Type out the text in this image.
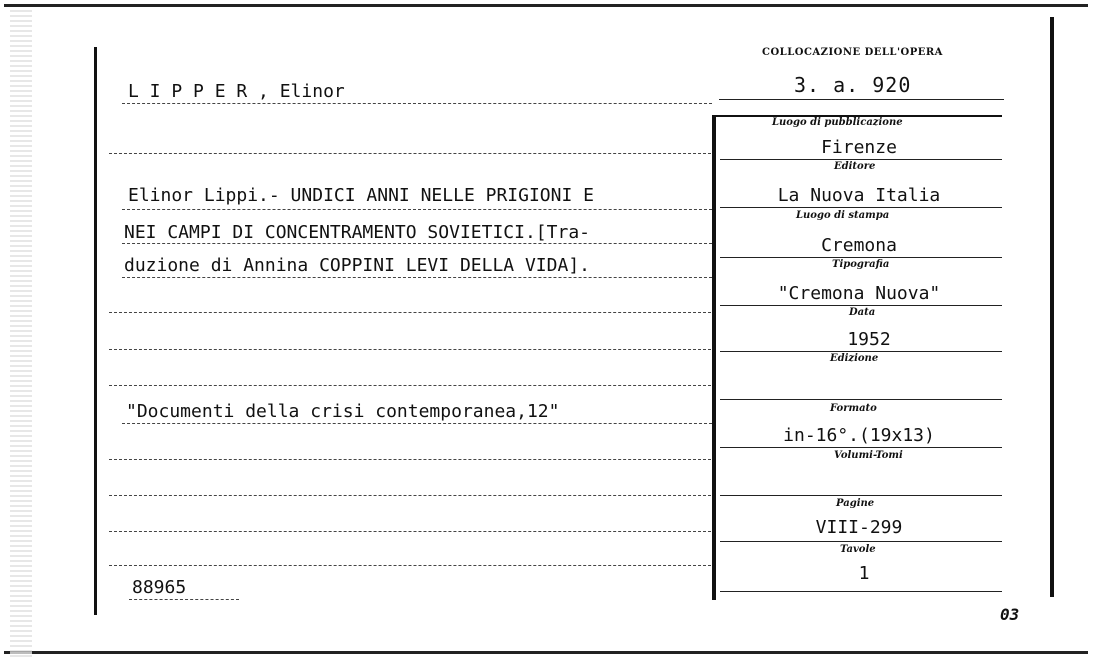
COLLOCAZIONE DELL'OPERA
3. a. 920
L I P P E R , Elinor
Elinor Lippi.- UNDICI ANNI NELLE PRIGIONI E
NEI CAMPI DI CONCENTRAMENTO SOVIETICI.[Tra-
duzione di Annina COPPINI LEVI DELLA VIDA].
"Documenti della crisi contemporanea,12"
88965
Luogo di pubblicazione
Firenze
Editore
La Nuova Italia
Luogo di stampa
Cremona
Tipografia
"Cremona Nuova"
Data
1952
Edizione
Formato
in-16°.(19x13)
Volumi-Tomi
Pagine
VIII-299
Tavole
1
03
